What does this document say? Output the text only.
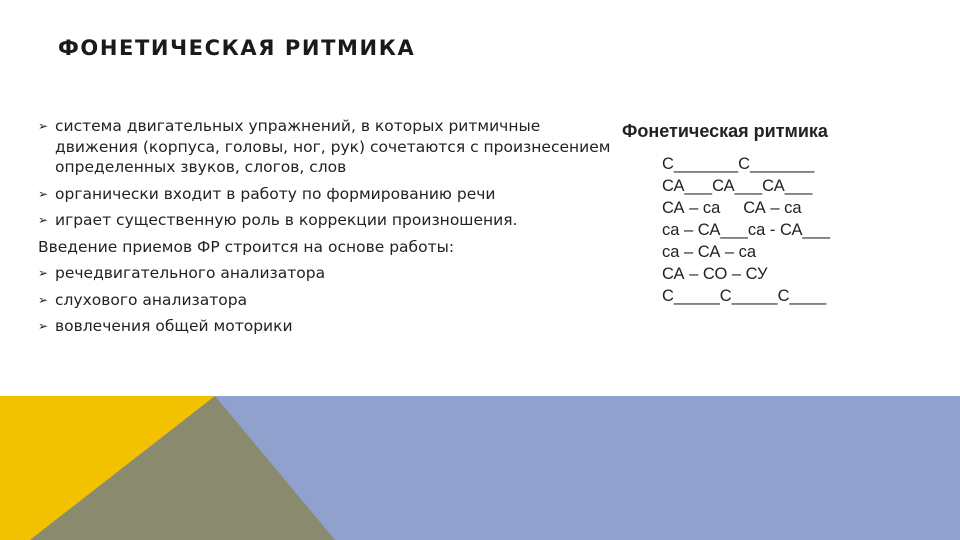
ФОНЕТИЧЕСКАЯ РИТМИКА
➢ система двигательных упражнений, в которых ритмичные движения (корпуса, головы, ног, рук) сочетаются с произнесением определенных звуков, слогов, слов
➢ органически входит в работу по формированию речи
➢ играет существенную роль в коррекции произношения.
Введение приемов ФР строится на основе работы:
➢ речедвигательного анализатора
➢ слухового анализатора
➢ вовлечения общей моторики
Фонетическая ритмика
С_______С_______
СА___СА___СА___
СА – са     СА – са
са – СА___са - СА___
са – СА – са
СА – СО – СУ
С_____С_____С____
